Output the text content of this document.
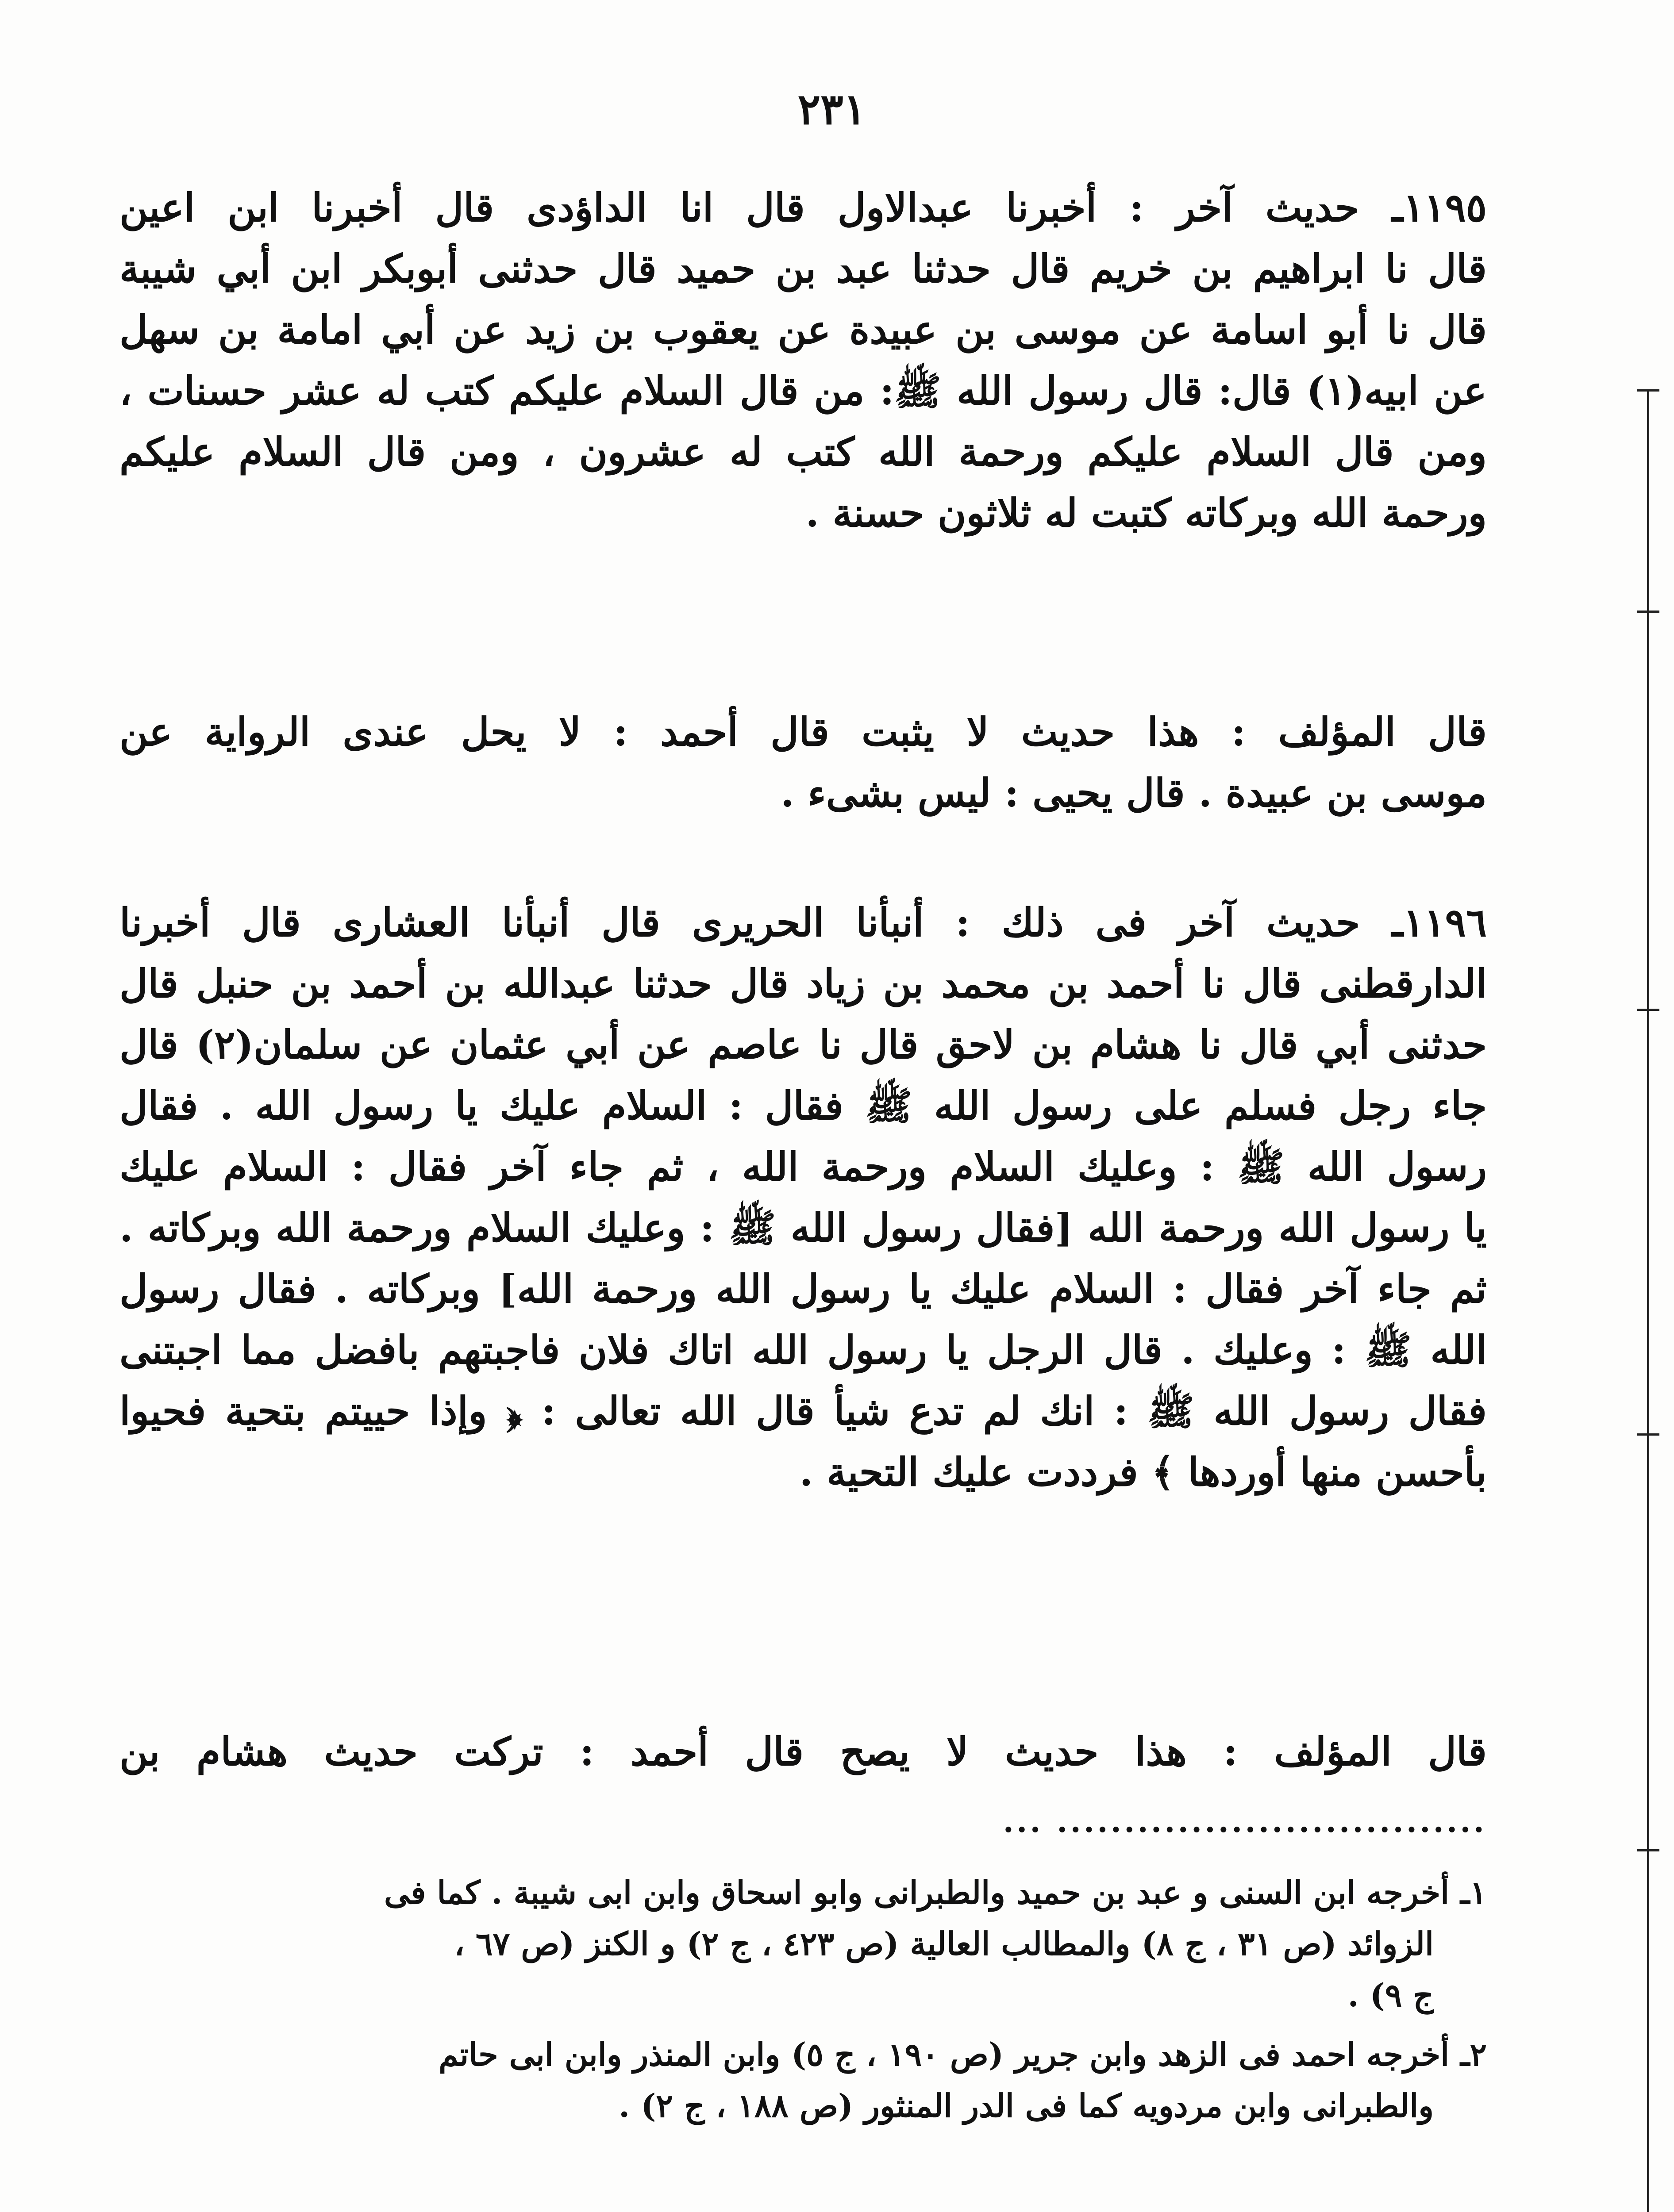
٢٣١
١١٩٥ـ حديث آخر : أخبرنا عبدالاول قال انا الداؤدى قال أخبرنا ابن اعين
قال نا ابراهيم بن خريم قال حدثنا عبد بن حميد قال حدثنى أبوبكر ابن أبي شيبة
قال نا أبو اسامة عن موسى بن عبيدة عن يعقوب بن زيد عن أبي امامة بن سهل
عن ابيه(١) قال: قال رسول الله ﷺ: من قال السلام عليكم كتب له عشر حسنات ،
ومن قال السلام عليكم ورحمة الله كتب له عشرون ، ومن قال السلام عليكم
ورحمة الله وبركاته كتبت له ثلاثون حسنة .
قال المؤلف : هذا حديث لا يثبت قال أحمد : لا يحل عندى الرواية عن
موسى بن عبيدة . قال يحيى : ليس بشىء .
١١٩٦ـ حديث آخر فى ذلك : أنبأنا الحريرى قال أنبأنا العشارى قال أخبرنا
الدارقطنى قال نا أحمد بن محمد بن زياد قال حدثنا عبدالله بن أحمد بن حنبل قال
حدثنى أبي قال نا هشام بن لاحق قال نا عاصم عن أبي عثمان عن سلمان(٢) قال
جاء رجل فسلم على رسول الله ﷺ فقال : السلام عليك يا رسول الله . فقال
رسول الله ﷺ : وعليك السلام ورحمة الله ، ثم جاء آخر فقال : السلام عليك
يا رسول الله ورحمة الله [فقال رسول الله ﷺ : وعليك السلام ورحمة الله وبركاته .
ثم جاء آخر فقال : السلام عليك يا رسول الله ورحمة الله] وبركاته . فقال رسول
الله ﷺ : وعليك . قال الرجل يا رسول الله اتاك فلان فاجبتهم بافضل مما اجبتنى
فقال رسول الله ﷺ : انك لم تدع شيأ قال الله تعالى : ﴿ وإذا حييتم بتحية فحيوا
بأحسن منها أوردها ﴾ فرددت عليك التحية .
قال المؤلف : هذا حديث لا يصح قال أحمد : تركت حديث هشام بن
................................ ...
١ـ أخرجه ابن السنى و عبد بن حميد والطبرانى وابو اسحاق وابن ابى شيبة . كما فى
الزوائد (ص ٣١ ، ج ٨) والمطالب العالية (ص ٤٢٣ ، ج ٢) و الكنز (ص ٦٧ ،
ج ٩) .
٢ـ أخرجه احمد فى الزهد وابن جرير (ص ١٩٠ ، ج ٥) وابن المنذر وابن ابى حاتم
والطبرانى وابن مردويه كما فى الدر المنثور (ص ١٨٨ ، ج ٢) .
